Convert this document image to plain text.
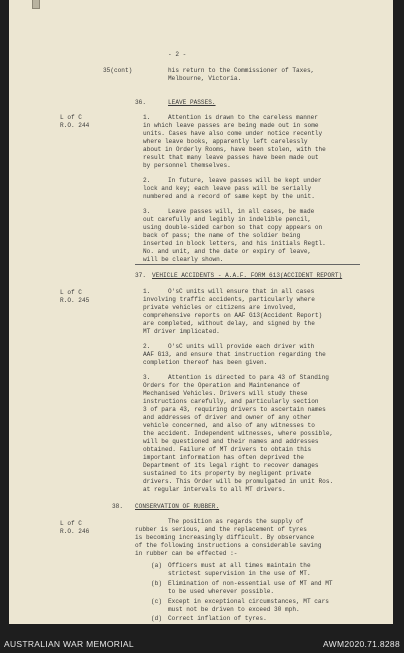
- 2 -
35(cont)	his return to the Commissioner of Taxes,
Melbourne, Victoria.
36.	LEAVE PASSES.
L of C
R.O. 244
1.	Attention is drawn to the careless manner
in which leave passes are being made out in some
units. Cases have also come under notice recently
where leave books, apparently left carelessly
about in Orderly Rooms, have been stolen, with the
result that many leave passes have been made out
by personnel themselves.
2.	In future, leave passes will be kept under
lock and key; each leave pass will be serially
numbered and a record of same kept by the unit.
3.	Leave passes will, in all cases, be made
out carefully and legibly in indelible pencil,
using double-sided carbon so that copy appears on
back of pass; the name of the soldier being
inserted in block letters, and his initials Regtl.
No. and unit, and the date or expiry of leave,
will be clearly shown.
37. VEHICLE ACCIDENTS - A.A.F. FORM 613(ACCIDENT REPORT)
L of C
R.O. 245
1.	O'sC units will ensure that in all cases
involving traffic accidents, particularly where
private vehicles or citizens are involved,
comprehensive reports on AAF G13(Accident Report)
are completed, without delay, and signed by the
MT driver implicated.
2.	O'sC units will provide each driver with
AAF G13, and ensure that instruction regarding the
completion thereof has been given.
3.	Attention is directed to para 43 of Standing
Orders for the Operation and Maintenance of
Mechanised Vehicles. Drivers will study these
instructions carefully, and particularly section
3 of para 43, requiring drivers to ascertain names
and addresses of driver and owner of any other
vehicle concerned, and also of any witnesses to
the accident. Independent witnesses, where possible,
will be questioned and their names and addresses
obtained. Failure of MT drivers to obtain this
important information has often deprived the
Department of its legal right to recover damages
sustained to its property by negligent private
drivers. This Order will be promulgated in unit Ros.
at regular intervals to all MT drivers.
38. CONSERVATION OF RUBBER.
L of C
R.O. 246
The position as regards the supply of
rubber is serious, and the replacement of tyres
is becoming increasingly difficult. By observance
of the following instructions a considerable saving
in rubber can be effected :-
(a) Officers must at all times maintain the
strictest supervision in the use of MT.
(b) Elimination of non-essential use of MT and MT
to be used wherever possible.
(c) Except in exceptional circumstances, MT cars
must not be driven to exceed 30 mph.
(d) Correct inflation of tyres.
AUSTRALIAN WAR MEMORIAL	AWM2020.71.8288
